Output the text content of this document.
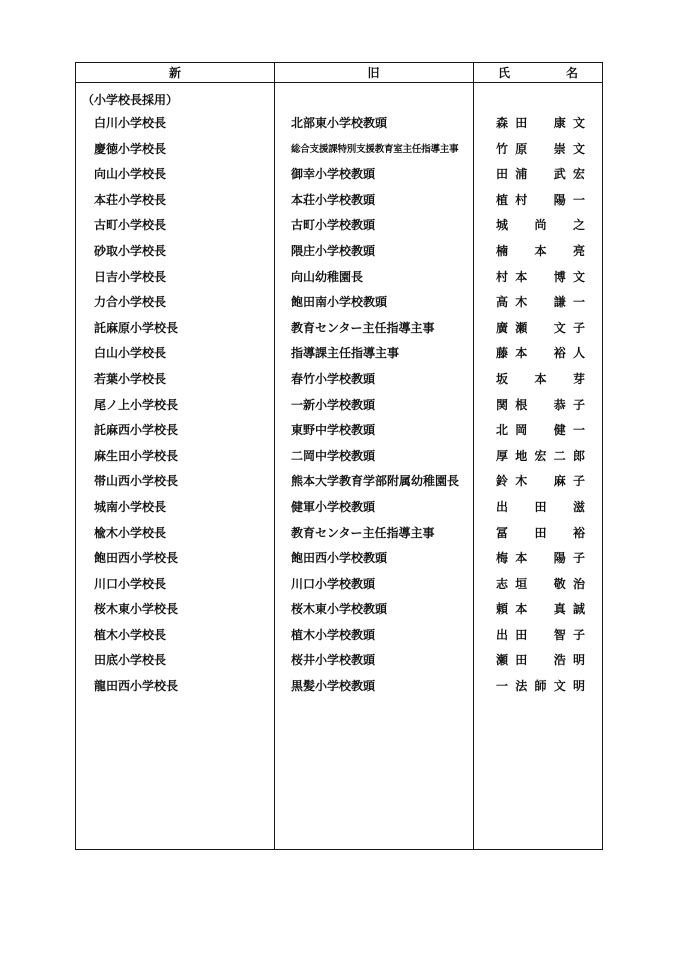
新	旧	氏	名
（小学校長採用）
白川小学校長	北部東小学校教頭	森 田 康 文
慶徳小学校長	総合支援課特別支援教育室主任指導主事	竹 原 崇 文
向山小学校長	御幸小学校教頭	田 浦 武 宏
本荘小学校長	本荘小学校教頭	植 村 陽 一
古町小学校長	古町小学校教頭	城 尚 之
砂取小学校長	隈庄小学校教頭	楠 本 亮
日吉小学校長	向山幼稚園長	村 本 博 文
力合小学校長	飽田南小学校教頭	高 木 謙 一
託麻原小学校長	教育センター主任指導主事	廣 瀬 文 子
白山小学校長	指導課主任指導主事	藤 本 裕 人
若葉小学校長	春竹小学校教頭	坂 本 芽
尾ノ上小学校長	一新小学校教頭	関 根 恭 子
託麻西小学校長	東野中学校教頭	北 岡 健 一
麻生田小学校長	二岡中学校教頭	厚 地 宏 二 郎
帯山西小学校長	熊本大学教育学部附属幼稚園長	鈴 木 麻 子
城南小学校長	健軍小学校教頭	出 田 滋
楡木小学校長	教育センター主任指導主事	冨 田 裕
飽田西小学校長	飽田西小学校教頭	梅 本 陽 子
川口小学校長	川口小学校教頭	志 垣 敬 治
桜木東小学校長	桜木東小学校教頭	頼 本 真 誠
植木小学校長	植木小学校教頭	出 田 智 子
田底小学校長	桜井小学校教頭	瀬 田 浩 明
龍田西小学校長	黒髪小学校教頭	一 法 師 文 明
